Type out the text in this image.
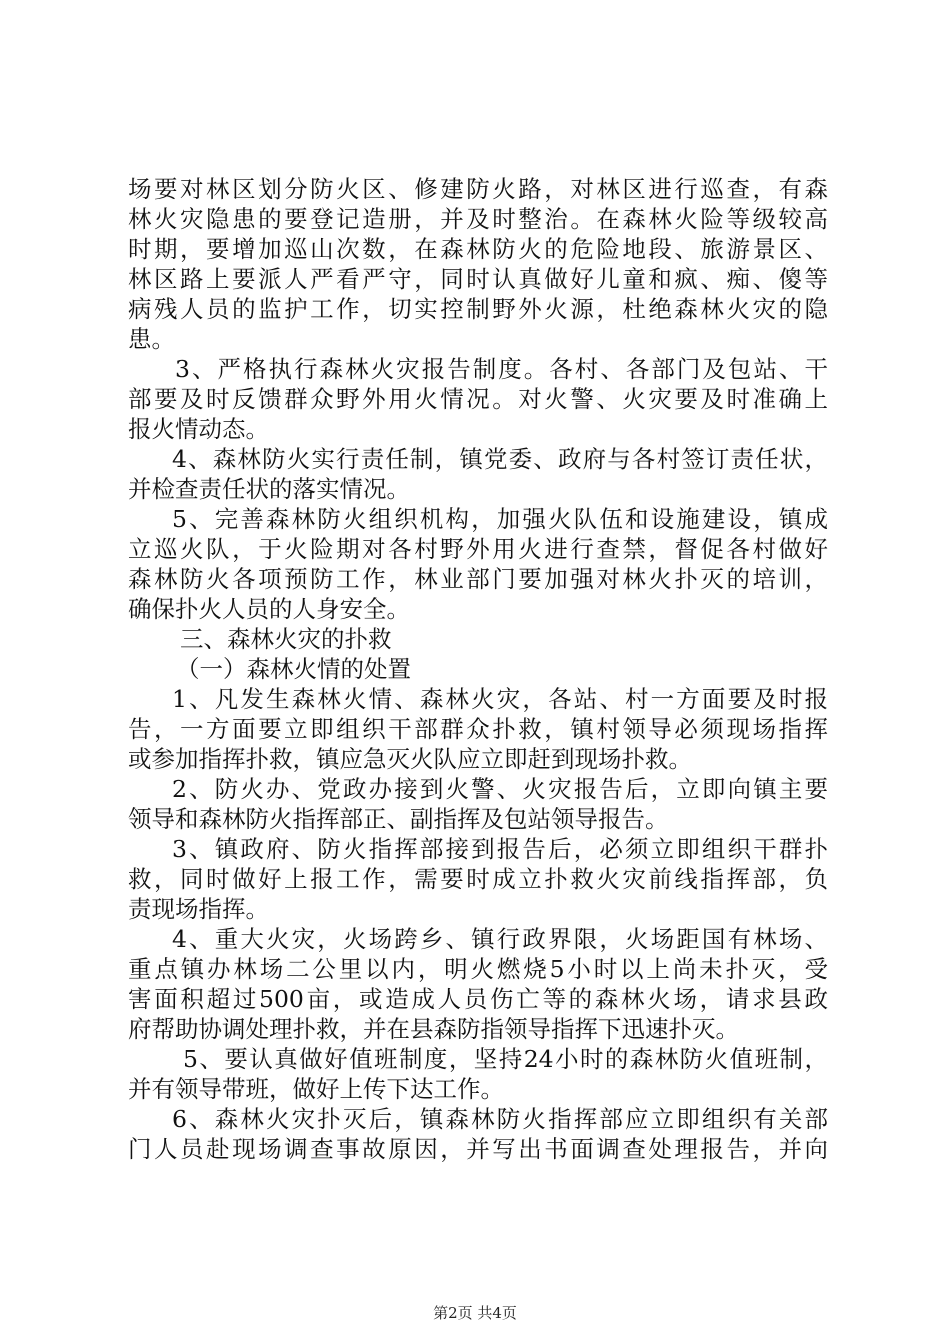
场要对林区划分防火区、修建防火路，对林区进行巡查，有森
林火灾隐患的要登记造册，并及时整治。在森林火险等级较高
时期，要增加巡山次数，在森林防火的危险地段、旅游景区、
林区路上要派人严看严守，同时认真做好儿童和疯、痴、傻等
病残人员的监护工作，切实控制野外火源，杜绝森林火灾的隐
患。
3、严格执行森林火灾报告制度。各村、各部门及包站、干
部要及时反馈群众野外用火情况。对火警、火灾要及时准确上
报火情动态。
4、森林防火实行责任制，镇党委、政府与各村签订责任状，
并检查责任状的落实情况。
5、完善森林防火组织机构，加强火队伍和设施建设，镇成
立巡火队，于火险期对各村野外用火进行查禁，督促各村做好
森林防火各项预防工作，林业部门要加强对林火扑灭的培训，
确保扑火人员的人身安全。
三、森林火灾的扑救
（一）森林火情的处置
1、凡发生森林火情、森林火灾，各站、村一方面要及时报
告，一方面要立即组织干部群众扑救，镇村领导必须现场指挥
或参加指挥扑救，镇应急灭火队应立即赶到现场扑救。
2、防火办、党政办接到火警、火灾报告后，立即向镇主要
领导和森林防火指挥部正、副指挥及包站领导报告。
3、镇政府、防火指挥部接到报告后，必须立即组织干群扑
救，同时做好上报工作，需要时成立扑救火灾前线指挥部，负
责现场指挥。
4、重大火灾，火场跨乡、镇行政界限，火场距国有林场、
重点镇办林场二公里以内，明火燃烧5小时以上尚未扑灭，受
害面积超过500亩，或造成人员伤亡等的森林火场，请求县政
府帮助协调处理扑救，并在县森防指领导指挥下迅速扑灭。
5、要认真做好值班制度，坚持24小时的森林防火值班制，
并有领导带班，做好上传下达工作。
6、森林火灾扑灭后，镇森林防火指挥部应立即组织有关部
门人员赴现场调查事故原因，并写出书面调查处理报告，并向
第2页 共4页
